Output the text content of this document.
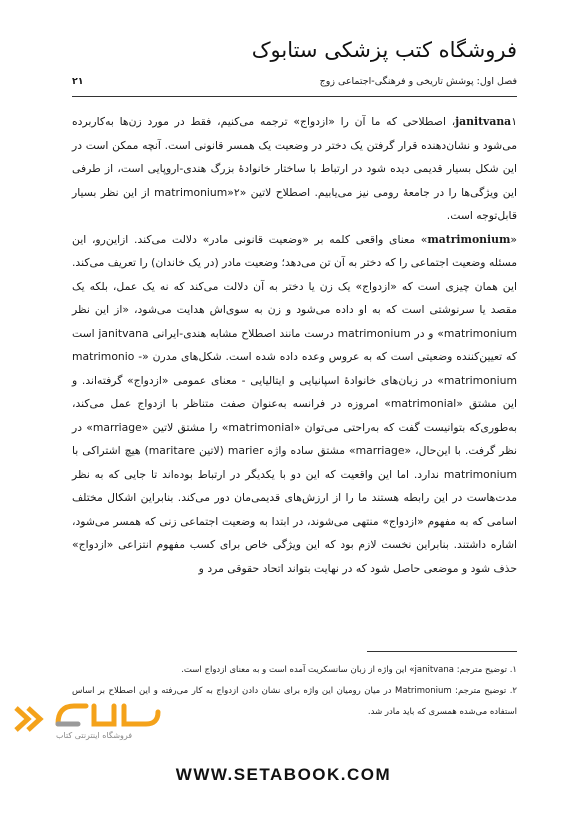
فروشگاه کتب پزشکی ستابوک
فصل اول: پوشش تاریخی و فرهنگی-اجتماعی زوج
۲۱

janitvana۱، اصطلاحی که ما آن را «ازدواج» ترجمه می‌کنیم، فقط در مورد زن‌ها به‌کاربرده می‌شود و نشان‌دهنده قرار گرفتن یک دختر در وضعیت یک همسر قانونی است. آنچه ممکن است در این شکل بسیار قدیمی دیده شود در ارتباط با ساختار خانوادهٔ بزرگ هندی-اروپایی است، از طرفی این ویژگی‌ها را در جامعهٔ رومی نیز می‌یابیم. اصطلاح لاتین «matrimonium»۲ از این نظر بسیار قابل‌توجه است.

«matrimonium» معنای واقعی کلمه بر «وضعیت قانونی مادر» دلالت می‌کند. ازاین‌رو، این مسئله وضعیت اجتماعی را که دختر به آن تن می‌دهد؛ وضعیت مادر (در یک خاندان) را تعریف می‌کند. این همان چیزی است که «ازدواج» یک زن یا دختر به آن دلالت می‌کند که نه یک عمل، بلکه یک مقصد یا سرنوشتی است که به او داده می‌شود و زن به سوی‌اش هدایت می‌شود، «از این نظر matrimonium» و در matrimonium درست مانند اصطلاح مشابه هندی-ایرانی janitvana است که تعیین‌کننده وضعیتی است که به عروس وعده داده شده است. شکل‌های مدرن «matrimonio - matrimonium» در زبان‌های خانوادهٔ اسپانیایی و ایتالیایی - معنای عمومی «ازدواج» گرفته‌اند. و این مشتق «matrimonial» امروزه در فرانسه به‌عنوان صفت متناظر با ازدواج عمل می‌کند، به‌طوری‌که بتوانیست گفت که به‌راحتی می‌توان «matrimonial» را مشتق لاتین «marriage» در نظر گرفت. با این‌حال، «marriage» مشتق ساده واژه marier (لاتین maritare) هیچ اشتراکی با matrimonium ندارد. اما این واقعیت که این دو با یکدیگر در ارتباط بوده‌اند تا جایی که به نظر مدت‌هاست در این رابطه هستند ما را از ارزش‌های قدیمی‌مان دور می‌کند. بنابراین اشکال مختلف اسامی که به مفهوم «ازدواج» منتهی می‌شوند، در ابتدا به وضعیت اجتماعی زنی که همسر می‌شود، اشاره داشتند. بنابراین نخست لازم بود که این ویژگی خاص برای کسب مفهوم انتزاعی «ازدواج» حذف شود و موضعی حاصل شود که در نهایت بتواند اتحاد حقوقی مرد و

۱. توضیح مترجم: janitvana» این واژه از زبان سانسکریت آمده است و به معنای ازدواج است.

۲. توضیح مترجم: Matrimonium در میان رومیان این واژه برای نشان دادن ازدواج به کار می‌رفته و این اصطلاح بر اساس استفاده می‌شده همسری که باید مادر شد.

فروشگاه اینترنتی کتاب
WWW.SETABOOK.COM
